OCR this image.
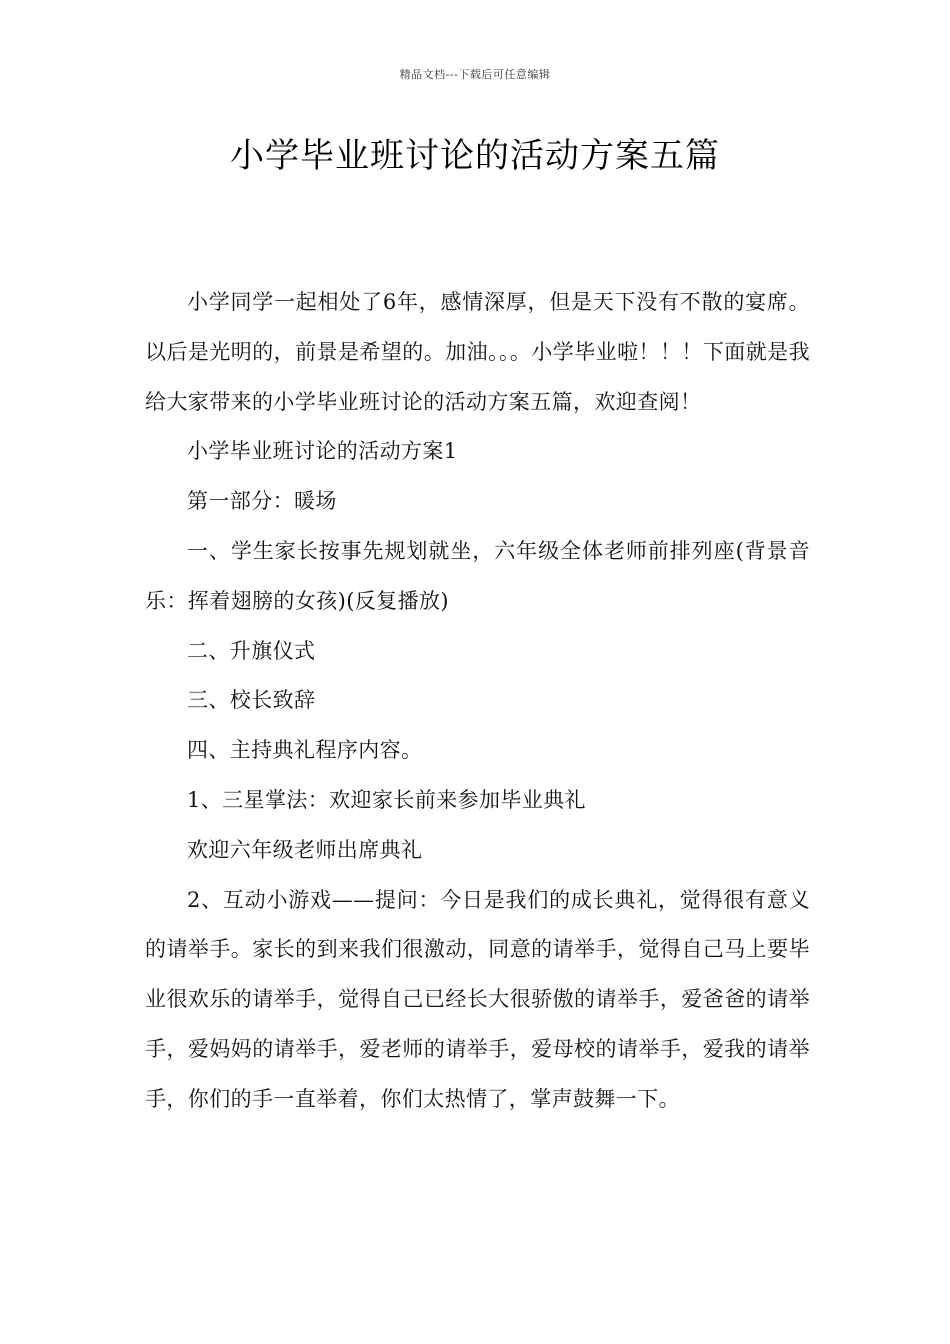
精品文档---下载后可任意编辑
小学毕业班讨论的活动方案五篇

小学同学一起相处了6年，感情深厚，但是天下没有不散的宴席。以后是光明的，前景是希望的。加油。。。小学毕业啦！！！下面就是我给大家带来的小学毕业班讨论的活动方案五篇，欢迎查阅！

小学毕业班讨论的活动方案1

第一部分：暖场

一、学生家长按事先规划就坐，六年级全体老师前排列座(背景音乐：挥着翅膀的女孩)(反复播放)

二、升旗仪式

三、校长致辞

四、主持典礼程序内容。

1、三星掌法：欢迎家长前来参加毕业典礼

欢迎六年级老师出席典礼

2、互动小游戏——提问：今日是我们的成长典礼，觉得很有意义的请举手。家长的到来我们很激动，同意的请举手，觉得自己马上要毕业很欢乐的请举手，觉得自己已经长大很骄傲的请举手，爱爸爸的请举手，爱妈妈的请举手，爱老师的请举手，爱母校的请举手，爱我的请举手，你们的手一直举着，你们太热情了，掌声鼓舞一下。
